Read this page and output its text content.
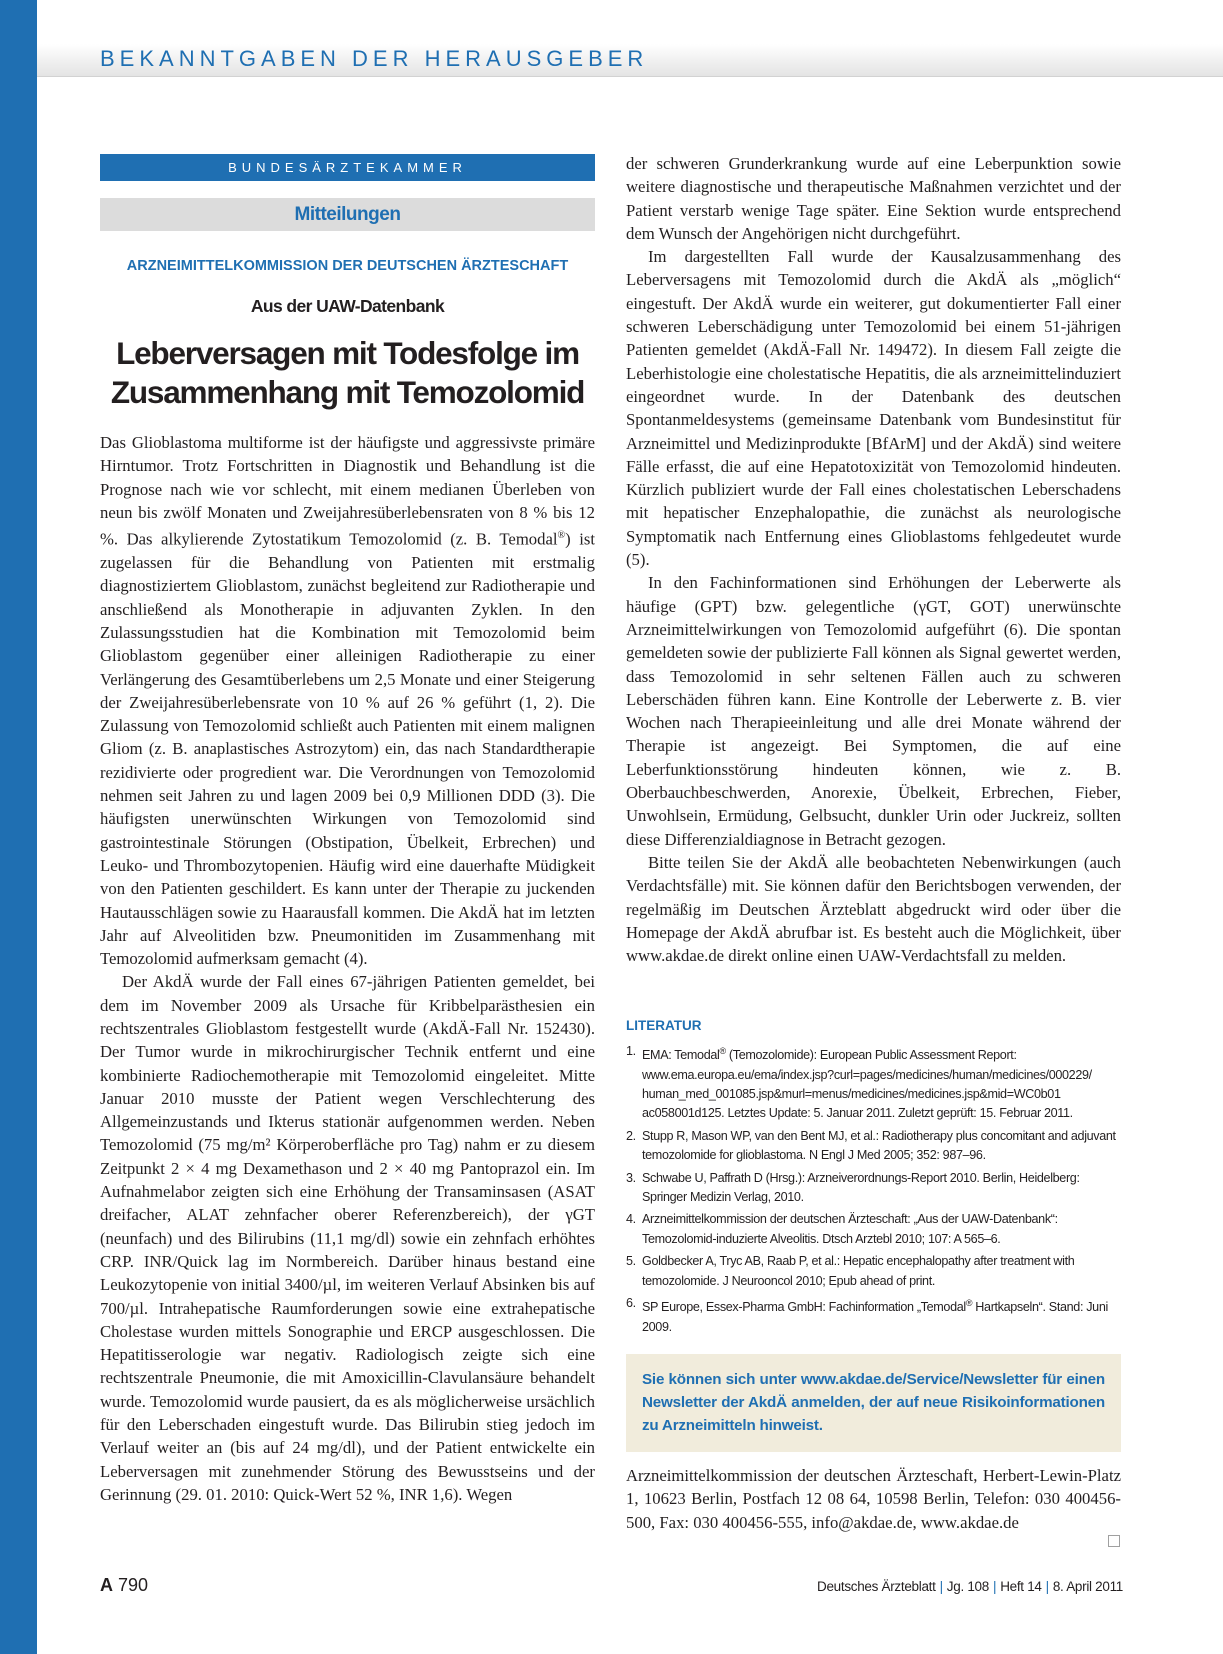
BEKANNTGABEN DER HERAUSGEBER
BUNDESÄRZTEKAMMER
Mitteilungen
ARZNEIMITTELKOMMISSION DER DEUTSCHEN ÄRZTESCHAFT
Aus der UAW-Datenbank
Leberversagen mit Todesfolge im
Zusammenhang mit Temozolomid

Das Glioblastoma multiforme ist der häufigste und aggressivste primäre Hirntumor. Trotz Fortschritten in Diagnostik und Behandlung ist die Prognose nach wie vor schlecht, mit einem medianen Überleben von neun bis zwölf Monaten und Zweijahresüberlebensraten von 8 % bis 12 %. Das alkylierende Zytostatikum Temozolomid (z. B. Temodal®) ist zugelassen für die Behandlung von Patienten mit erstmalig diagnostiziertem Glioblastom, zunächst begleitend zur Radiotherapie und anschließend als Monotherapie in adjuvanten Zyklen. In den Zulassungsstudien hat die Kombination mit Temozolomid beim Glioblastom gegenüber einer alleinigen Radiotherapie zu einer Verlängerung des Gesamtüberlebens um 2,5 Monate und einer Steigerung der Zweijahresüberlebensrate von 10 % auf 26 % geführt (1, 2). Die Zulassung von Temozolomid schließt auch Patienten mit einem malignen Gliom (z. B. anaplastisches Astrozytom) ein, das nach Standardtherapie rezidivierte oder progredient war. Die Verordnungen von Temozolomid nehmen seit Jahren zu und lagen 2009 bei 0,9 Millionen DDD (3). Die häufigsten unerwünschten Wirkungen von Temozolomid sind gastrointestinale Störungen (Obstipation, Übelkeit, Erbrechen) und Leuko- und Thrombozytopenien. Häufig wird eine dauerhafte Müdigkeit von den Patienten geschildert. Es kann unter der Therapie zu juckenden Hautausschlägen sowie zu Haarausfall kommen. Die AkdÄ hat im letzten Jahr auf Alveolitiden bzw. Pneumonitiden im Zusammenhang mit Temozolomid aufmerksam gemacht (4).

Der AkdÄ wurde der Fall eines 67-jährigen Patienten gemeldet, bei dem im November 2009 als Ursache für Kribbelparästhesien ein rechtszentrales Glioblastom festgestellt wurde (AkdÄ-Fall Nr. 152430). Der Tumor wurde in mikrochirurgischer Technik entfernt und eine kombinierte Radiochemotherapie mit Temozolomid eingeleitet. Mitte Januar 2010 musste der Patient wegen Verschlechterung des Allgemeinzustands und Ikterus stationär aufgenommen werden. Neben Temozolomid (75 mg/m² Körperoberfläche pro Tag) nahm er zu diesem Zeitpunkt 2 × 4 mg Dexamethason und 2 × 40 mg Pantoprazol ein. Im Aufnahmelabor zeigten sich eine Erhöhung der Transaminsasen (ASAT dreifacher, ALAT zehnfacher oberer Referenzbereich), der γGT (neunfach) und des Bilirubins (11,1 mg/dl) sowie ein zehnfach erhöhtes CRP. INR/Quick lag im Normbereich. Darüber hinaus bestand eine Leukozytopenie von initial 3400/µl, im weiteren Verlauf Absinken bis auf 700/µl. Intrahepatische Raumforderungen sowie eine extrahepatische Cholestase wurden mittels Sonographie und ERCP ausgeschlossen. Die Hepatitisserologie war negativ. Radiologisch zeigte sich eine rechtszentrale Pneumonie, die mit Amoxicillin-Clavulansäure behandelt wurde. Temozolomid wurde pausiert, da es als möglicherweise ursächlich für den Leberschaden eingestuft wurde. Das Bilirubin stieg jedoch im Verlauf weiter an (bis auf 24 mg/dl), und der Patient entwickelte ein Leberversagen mit zunehmender Störung des Bewusstseins und der Gerinnung (29. 01. 2010: Quick-Wert 52 %, INR 1,6). Wegen

der schweren Grunderkrankung wurde auf eine Leberpunktion sowie weitere diagnostische und therapeutische Maßnahmen verzichtet und der Patient verstarb wenige Tage später. Eine Sektion wurde entsprechend dem Wunsch der Angehörigen nicht durchgeführt.

Im dargestellten Fall wurde der Kausalzusammenhang des Leberversagens mit Temozolomid durch die AkdÄ als „möglich“ eingestuft. Der AkdÄ wurde ein weiterer, gut dokumentierter Fall einer schweren Leberschädigung unter Temozolomid bei einem 51-jährigen Patienten gemeldet (AkdÄ-Fall Nr. 149472). In diesem Fall zeigte die Leberhistologie eine cholestatische Hepatitis, die als arzneimittelinduziert eingeordnet wurde. In der Datenbank des deutschen Spontanmeldesystems (gemeinsame Datenbank vom Bundesinstitut für Arzneimittel und Medizinprodukte [BfArM] und der AkdÄ) sind weitere Fälle erfasst, die auf eine Hepatotoxizität von Temozolomid hindeuten. Kürzlich publiziert wurde der Fall eines cholestatischen Leberschadens mit hepatischer Enzephalopathie, die zunächst als neurologische Symptomatik nach Entfernung eines Glioblastoms fehlgedeutet wurde (5).

In den Fachinformationen sind Erhöhungen der Leberwerte als häufige (GPT) bzw. gelegentliche (γGT, GOT) unerwünschte Arzneimittelwirkungen von Temozolomid aufgeführt (6). Die spontan gemeldeten sowie der publizierte Fall können als Signal gewertet werden, dass Temozolomid in sehr seltenen Fällen auch zu schweren Leberschäden führen kann. Eine Kontrolle der Leberwerte z. B. vier Wochen nach Therapieeinleitung und alle drei Monate während der Therapie ist angezeigt. Bei Symptomen, die auf eine Leberfunktionsstörung hindeuten können, wie z. B. Oberbauchbeschwerden, Anorexie, Übelkeit, Erbrechen, Fieber, Unwohlsein, Ermüdung, Gelbsucht, dunkler Urin oder Juckreiz, sollten diese Differenzialdiagnose in Betracht gezogen.

Bitte teilen Sie der AkdÄ alle beobachteten Nebenwirkungen (auch Verdachtsfälle) mit. Sie können dafür den Berichtsbogen verwenden, der regelmäßig im Deutschen Ärzteblatt abgedruckt wird oder über die Homepage der AkdÄ abrufbar ist. Es besteht auch die Möglichkeit, über www.akdae.de direkt online einen UAW-Verdachtsfall zu melden.

LITERATUR
1. EMA: Temodal® (Temozolomide): European Public Assessment Report: www.ema.europa.eu/ema/index.jsp?curl=pages/medicines/human/medicines/000229/ human_med_001085.jsp&murl=menus/medicines/medicines.jsp&mid=WC0b01 ac058001d125. Letztes Update: 5. Januar 2011. Zuletzt geprüft: 15. Februar 2011.
2. Stupp R, Mason WP, van den Bent MJ, et al.: Radiotherapy plus concomitant and adjuvant temozolomide for glioblastoma. N Engl J Med 2005; 352: 987–96.
3. Schwabe U, Paffrath D (Hrsg.): Arzneiverordnungs-Report 2010. Berlin, Heidelberg: Springer Medizin Verlag, 2010.
4. Arzneimittelkommission der deutschen Ärzteschaft: „Aus der UAW-Datenbank“: Temozolomid-induzierte Alveolitis. Dtsch Arztebl 2010; 107: A 565–6.
5. Goldbecker A, Tryc AB, Raab P, et al.: Hepatic encephalopathy after treatment with temozolomide. J Neurooncol 2010; Epub ahead of print.
6. SP Europe, Essex-Pharma GmbH: Fachinformation „Temodal® Hartkapseln“. Stand: Juni 2009.
Sie können sich unter www.akdae.de/Service/Newsletter für einen Newsletter der AkdÄ anmelden, der auf neue Risikoinformationen zu Arzneimitteln hinweist.
Arzneimittelkommission der deutschen Ärzteschaft, Herbert-Lewin-Platz 1, 10623 Berlin, Postfach 12 08 64, 10598 Berlin, Telefon: 030 400456-500, Fax: 030 400456-555, info@akdae.de, www.akdae.de
A 790	Deutsches Ärzteblatt | Jg. 108 | Heft 14 | 8. April 2011
